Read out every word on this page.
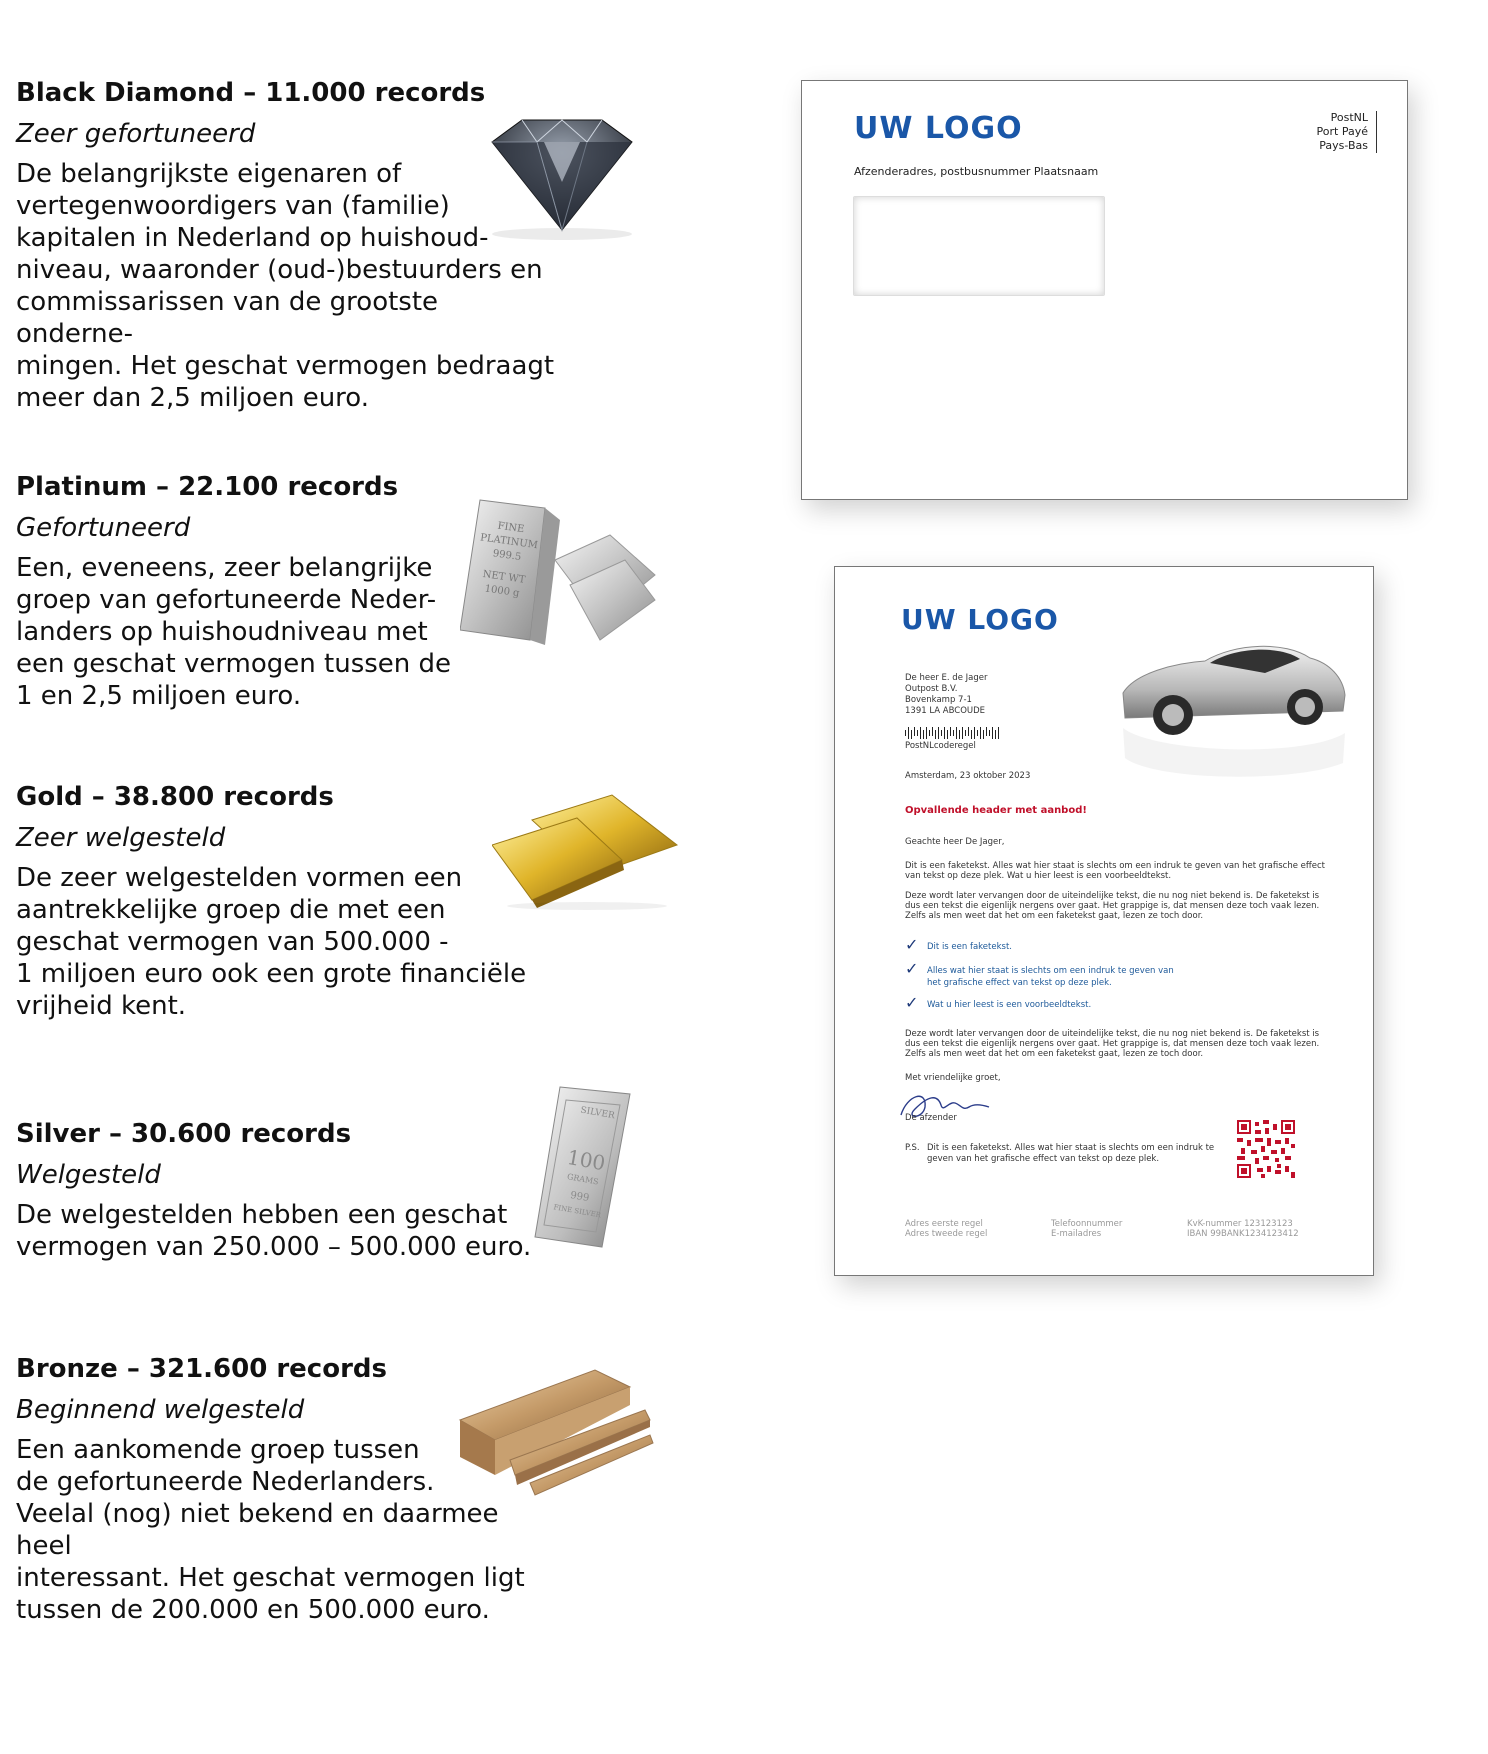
Black Diamond – 11.000 records
Zeer gefortuneerd

De belangrijkste eigenaren of
vertegenwoordigers van (familie)
kapitalen in Nederland op huishoud-
niveau, waaronder (oud-)bestuurders en
commissarissen van de grootste onderne-
mingen. Het geschat vermogen bedraagt
meer dan 2,5 miljoen euro.

Platinum – 22.100 records
Gefortuneerd

Een, eveneens, zeer belangrijke
groep van gefortuneerde Neder-
landers op huishoudniveau met
een geschat vermogen tussen de
1 en 2,5 miljoen euro.

Gold – 38.800 records
Zeer welgesteld

De zeer welgestelden vormen een
aantrekkelijke groep die met een
geschat vermogen van 500.000 -
1 miljoen euro ook een grote financiële
vrijheid kent.

Silver – 30.600 records
Welgesteld

De welgestelden hebben een geschat
vermogen van 250.000 – 500.000 euro.

Bronze – 321.600 records
Beginnend welgesteld

Een aankomende groep tussen
de gefortuneerde Nederlanders.
Veelal (nog) niet bekend en daarmee heel
interessant. Het geschat vermogen ligt
tussen de 200.000 en 500.000 euro.

FINE
PLATINUM
999.5
NET WT
1000 g
SILVER
100
GRAMS
999
FINE SILVER
UW LOGO
Afzenderadres, postbusnummer Plaatsnaam
PostNL
Port Payé
Pays-Bas
UW LOGO
De heer E. de Jager
Outpost B.V.
Bovenkamp 7-1
1391 LA ABCOUDE
PostNLcoderegel
Amsterdam, 23 oktober 2023
Opvallende header met aanbod!
Geachte heer De Jager,
Dit is een faketekst. Alles wat hier staat is slechts om een indruk te geven van het grafische effect van tekst op deze plek. Wat u hier leest is een voorbeeldtekst.
Deze wordt later vervangen door de uiteindelijke tekst, die nu nog niet bekend is. De faketekst is dus een tekst die eigenlijk nergens over gaat. Het grappige is, dat mensen deze toch vaak lezen. Zelfs als men weet dat het om een faketekst gaat, lezen ze toch door.
✓ Dit is een faketekst.
✓ Alles wat hier staat is slechts om een indruk te geven van het grafische effect van tekst op deze plek.
✓ Wat u hier leest is een voorbeeldtekst.
Deze wordt later vervangen door de uiteindelijke tekst, die nu nog niet bekend is. De faketekst is dus een tekst die eigenlijk nergens over gaat. Het grappige is, dat mensen deze toch vaak lezen. Zelfs als men weet dat het om een faketekst gaat, lezen ze toch door.
Met vriendelijke groet,
De afzender
P.S. Dit is een faketekst. Alles wat hier staat is slechts om een indruk te geven van het grafische effect van tekst op deze plek.
Adres eerste regel
Adres tweede regel
Telefoonnummer
E-mailadres
KvK-nummer 123123123
IBAN 99BANK1234123412
